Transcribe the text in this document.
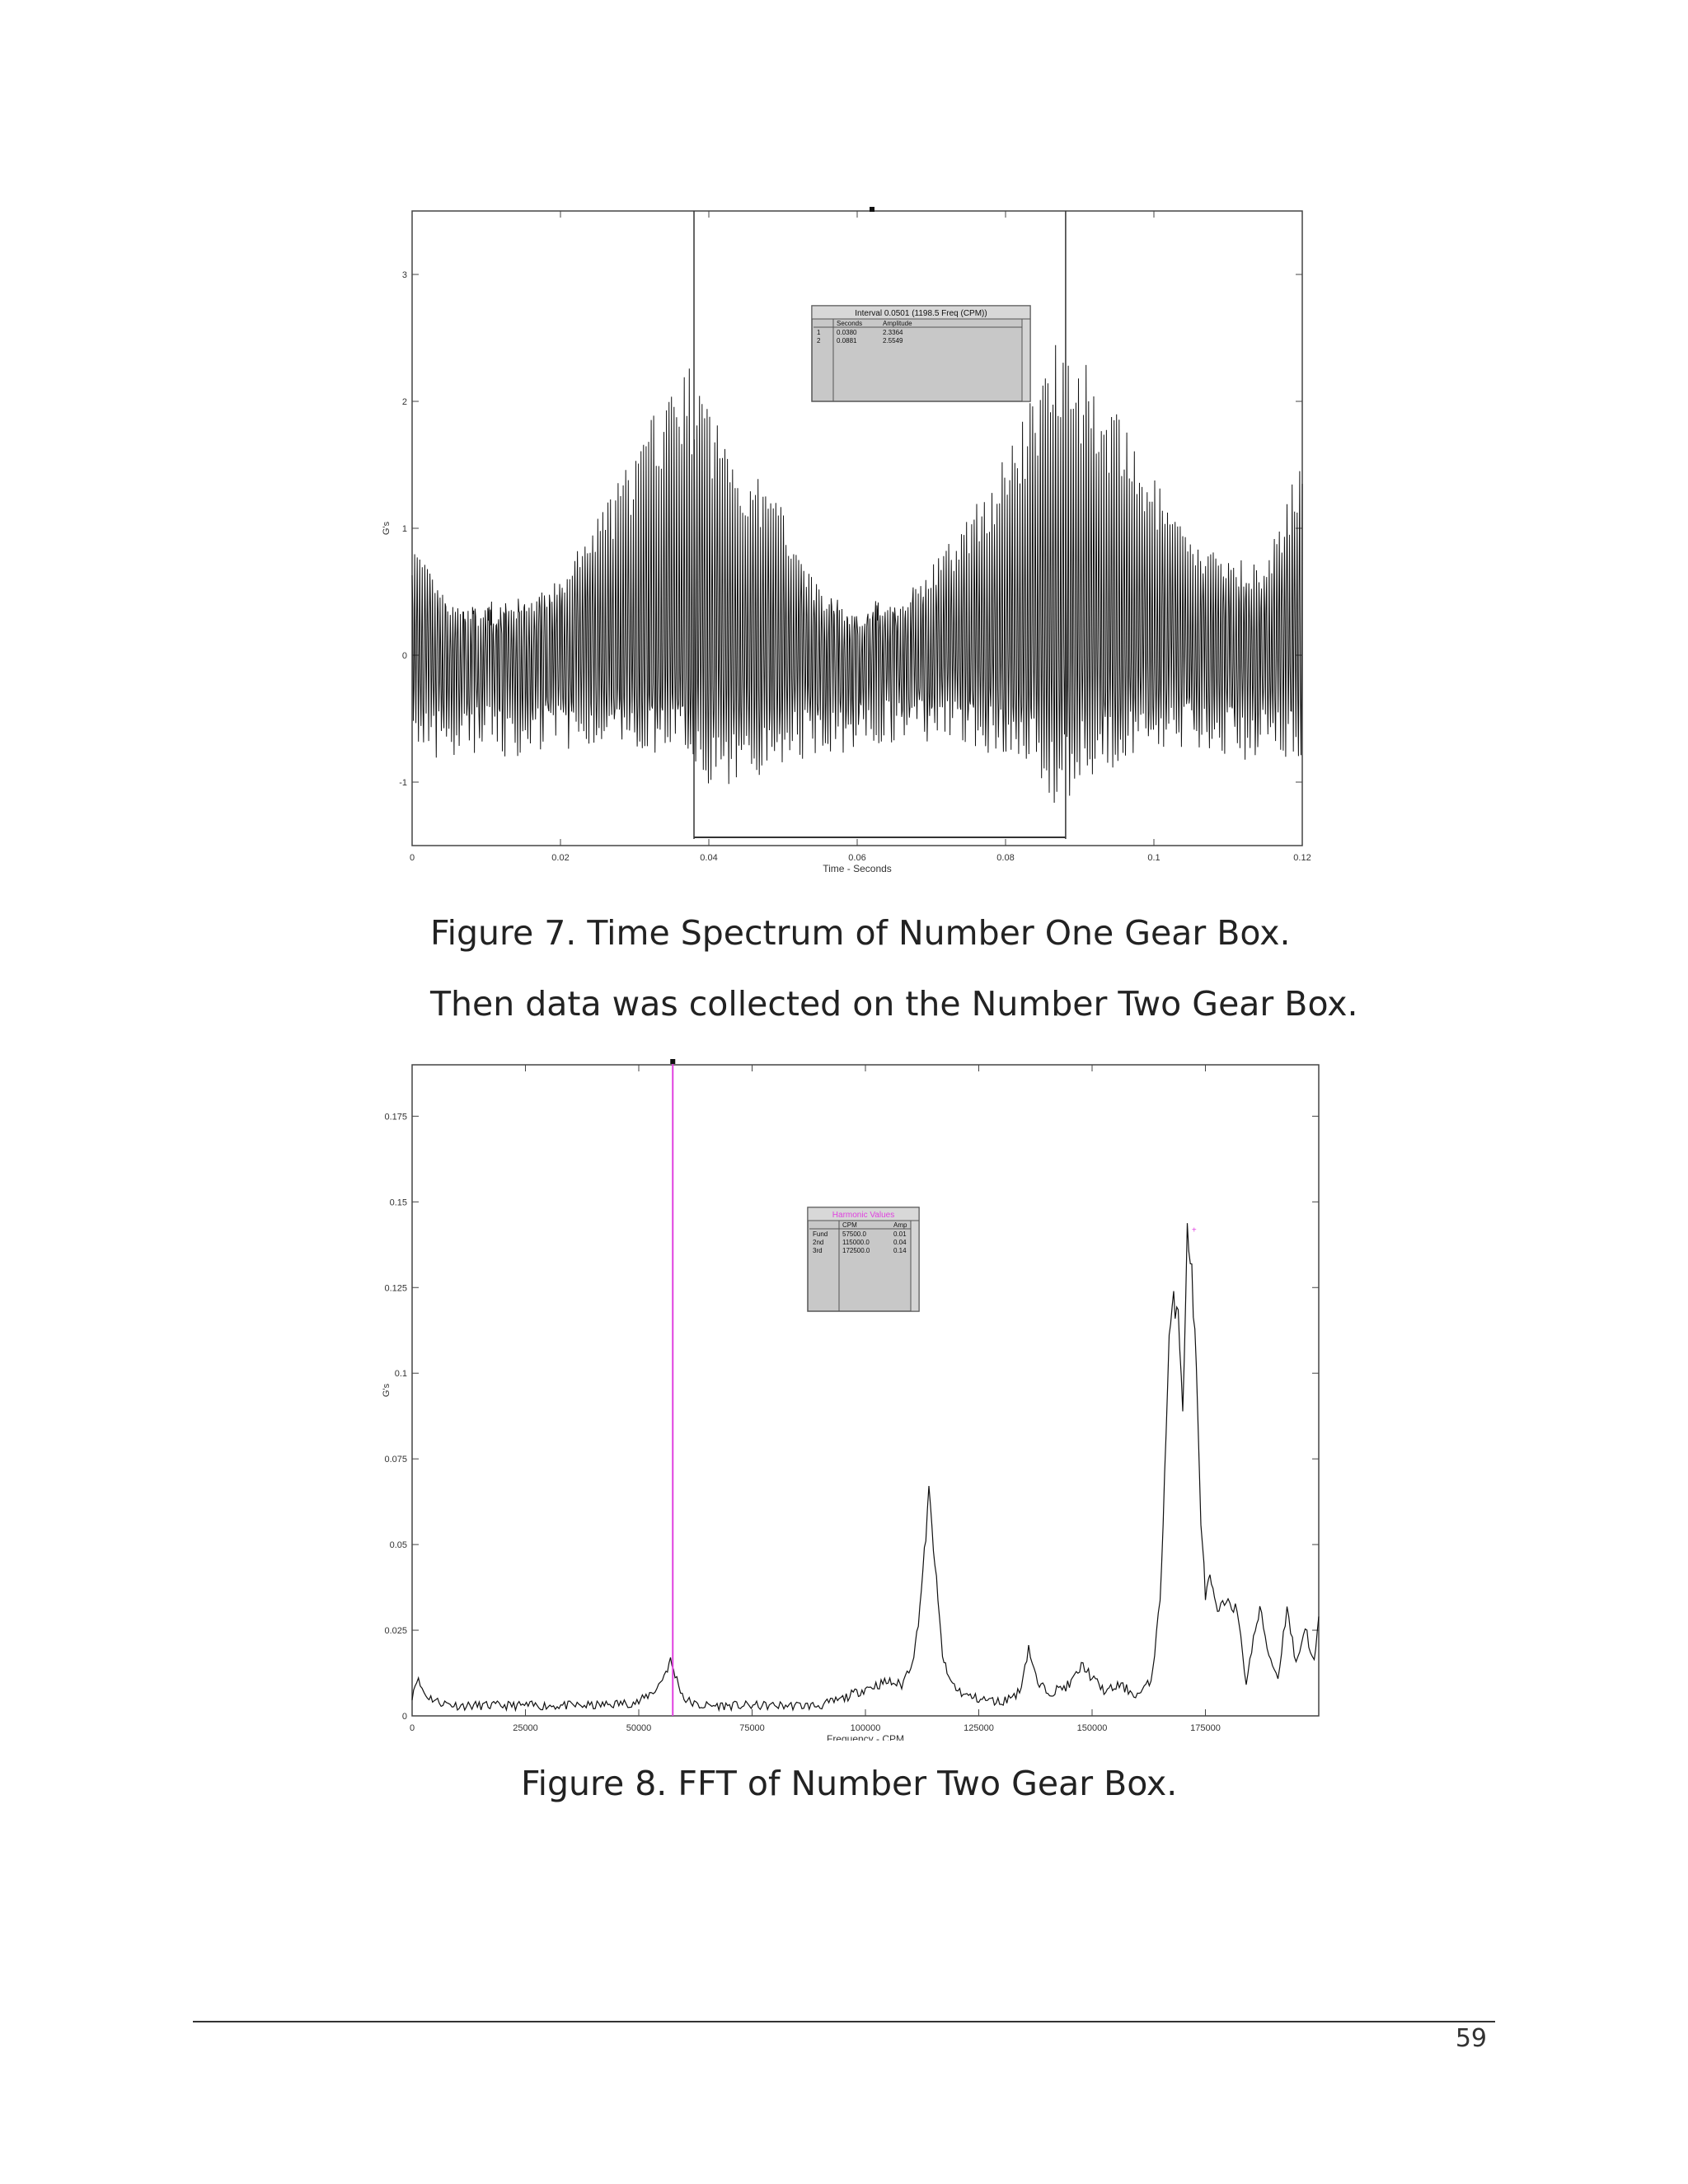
0	0.02	0.04	0.06	0.08	0.1	0.12
-1
0
1
2
3
Time - Seconds
G's
Interval 0.0501 (1198.5 Freq (CPM))
Seconds	Amplitude
1 0.0380	2.3364
2 0.0881	2.5549
Figure 7. Time Spectrum of Number One Gear Box.
Then data was collected on the Number Two Gear Box.
0	25000	50000	75000	100000	125000	150000	175000
0
0.025
0.05
0.075
0.1
0.125
0.15
0.175
Frequency - CPM
G's
+
Harmonic Values
CPM	Amp
Fund 57500.0	0.01
2nd	115000.0	0.04
3rd	172500.0	0.14
Figure 8. FFT of Number Two Gear Box.
59
